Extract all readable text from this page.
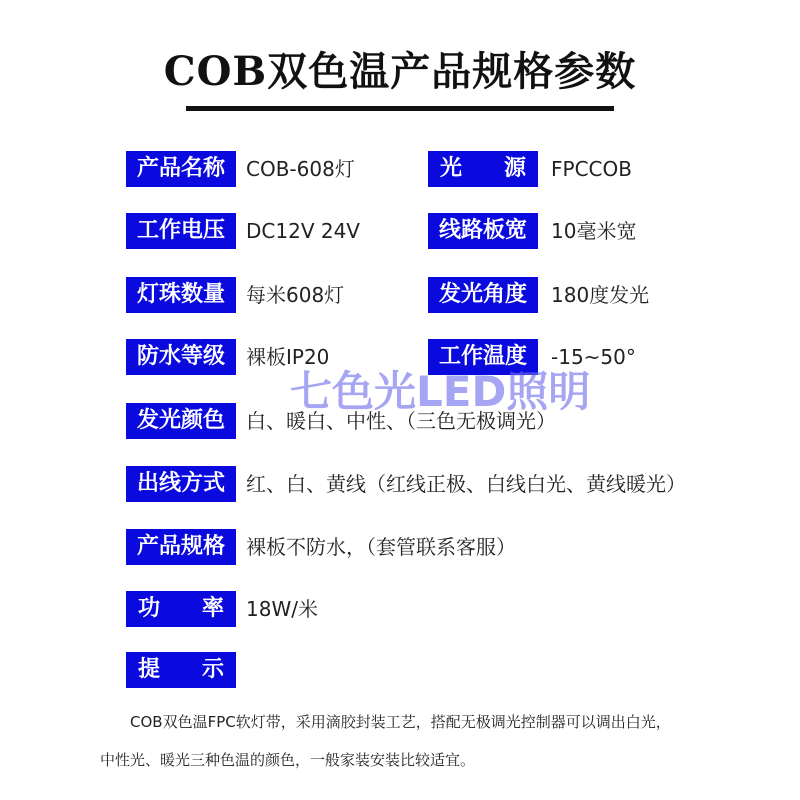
COB双色温产品规格参数
产品名称	COB-608灯	光　源	FPCCOB
工作电压	DC12V 24V	线路板宽	10毫米宽
灯珠数量	每米608灯	发光角度	180度发光
防水等级	裸板IP20	工作温度	-15~50°
七色光LED照明
发光颜色	白、暖白、中性、（三色无极调光）
出线方式	红、白、黄线（红线正极、白线白光、黄线暖光）
产品规格	裸板不防水，（套管联系客服）
功　率	18W/米
提　示
COB双色温FPC软灯带，采用滴胶封装工艺，搭配无极调光控制器可以调出白光，
中性光、暖光三种色温的颜色，一般家装安装比较适宜。
